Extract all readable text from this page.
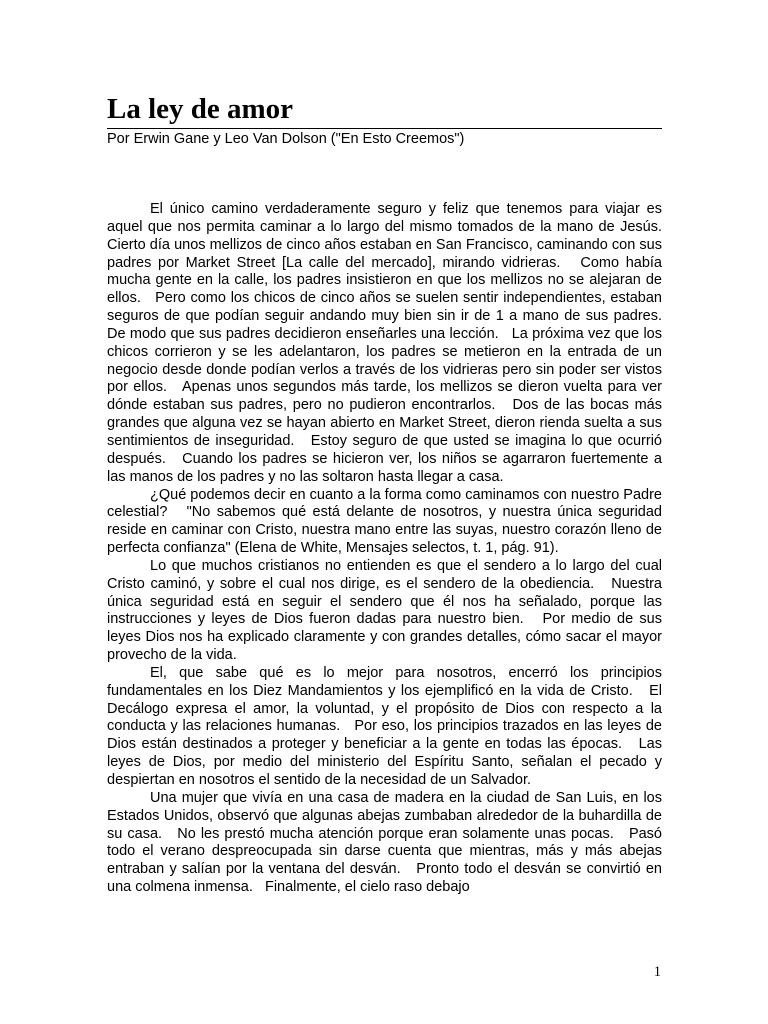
La ley de amor
Por Erwin Gane y Leo Van Dolson ("En Esto Creemos")

El único camino verdaderamente seguro y feliz que tenemos para viajar es aquel que nos permita caminar a lo largo del mismo tomados de la mano de Jesús.   Cierto día unos mellizos de cinco años estaban en San Francisco, caminando con sus padres por Market Street [La calle del mercado], mirando vidrieras.   Como había mucha gente en la calle, los padres insistieron en que los mellizos no se alejaran de ellos.   Pero como los chicos de cinco años se suelen sentir independientes, estaban seguros de que podían seguir andando muy bien sin ir de 1 a mano de sus padres.   De modo que sus padres decidieron enseñarles una lección.   La próxima vez que los chicos corrieron y se les adelantaron, los padres se metieron en la entrada de un negocio desde donde podían verlos a través de los vidrieras pero sin poder ser vistos por ellos.   Apenas unos segundos más tarde, los mellizos se dieron vuelta para ver dónde estaban sus padres, pero no pudieron encontrarlos.   Dos de las bocas más grandes que alguna vez se hayan abierto en Market Street, dieron rienda suelta a sus sentimientos de inseguridad.   Estoy seguro de que usted se imagina lo que ocurrió después.   Cuando los padres se hicieron ver, los niños se agarraron fuertemente a las manos de los padres y no las soltaron hasta llegar a casa.

¿Qué podemos decir en cuanto a la forma como caminamos con nuestro Padre celestial?   "No sabemos qué está delante de nosotros, y nuestra única seguridad reside en caminar con Cristo, nuestra mano entre las suyas, nuestro corazón lleno de perfecta confianza" (Elena de White, Mensajes selectos, t. 1, pág. 91).

Lo que muchos cristianos no entienden es que el sendero a lo largo del cual Cristo caminó, y sobre el cual nos dirige, es el sendero de la obediencia.   Nuestra única seguridad está en seguir el sendero que él nos ha señalado, porque las instrucciones y leyes de Dios fueron dadas para nuestro bien.   Por medio de sus leyes Dios nos ha explicado claramente y con grandes detalles, cómo sacar el mayor provecho de la vida.

El, que sabe qué es lo mejor para nosotros, encerró los principios fundamentales en los Diez Mandamientos y los ejemplificó en la vida de Cristo.   El Decálogo expresa el amor, la voluntad, y el propósito de Dios con respecto a la conducta y las relaciones humanas.   Por eso, los principios trazados en las leyes de Dios están destinados a proteger y beneficiar a la gente en todas las épocas.   Las leyes de Dios, por medio del ministerio del Espíritu Santo, señalan el pecado y despiertan en nosotros el sentido de la necesidad de un Salvador.

Una mujer que vivía en una casa de madera en la ciudad de San Luis, en los Estados Unidos, observó que algunas abejas zumbaban alrededor de la buhardilla de su casa.   No les prestó mucha atención porque eran solamente unas pocas.   Pasó todo el verano despreocupada sin darse cuenta que mientras, más y más abejas entraban y salían por la ventana del desván.   Pronto todo el desván se convirtió en una colmena inmensa.   Finalmente, el cielo raso debajo

1
